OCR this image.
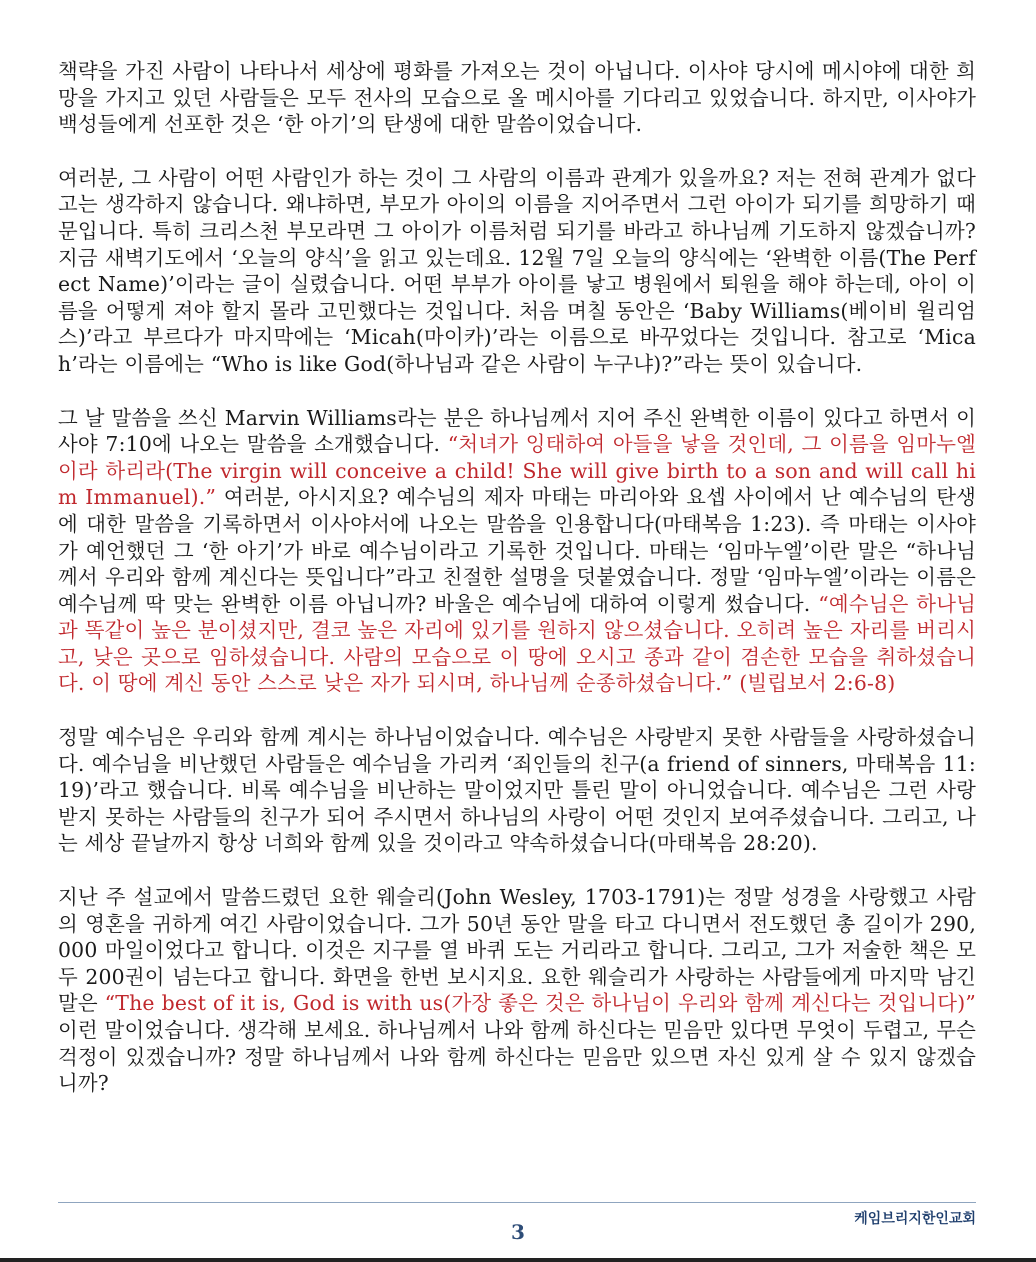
책략을 가진 사람이 나타나서 세상에 평화를 가져오는 것이 아닙니다. 이사야 당시에 메시야에 대한 희망을 가지고 있던 사람들은 모두 전사의 모습으로 올 메시아를 기다리고 있었습니다. 하지만, 이사야가 백성들에게 선포한 것은 ‘한 아기’의 탄생에 대한 말씀이었습니다.

여러분, 그 사람이 어떤 사람인가 하는 것이 그 사람의 이름과 관계가 있을까요? 저는 전혀 관계가 없다고는 생각하지 않습니다. 왜냐하면, 부모가 아이의 이름을 지어주면서 그런 아이가 되기를 희망하기 때문입니다. 특히 크리스천 부모라면 그 아이가 이름처럼 되기를 바라고 하나님께 기도하지 않겠습니까? 지금 새벽기도에서 ‘오늘의 양식’을 읽고 있는데요. 12월 7일 오늘의 양식에는 ‘완벽한 이름(The Perfect Name)’이라는 글이 실렸습니다. 어떤 부부가 아이를 낳고 병원에서 퇴원을 해야 하는데, 아이 이름을 어떻게 져야 할지 몰라 고민했다는 것입니다. 처음 며칠 동안은 ‘Baby Williams(베이비 윌리엄스)’라고 부르다가 마지막에는 ‘Micah(마이카)’라는 이름으로 바꾸었다는 것입니다. 참고로 ‘Micah’라는 이름에는 “Who is like God(하나님과 같은 사람이 누구냐)?”라는 뜻이 있습니다.

그 날 말씀을 쓰신 Marvin Williams라는 분은 하나님께서 지어 주신 완벽한 이름이 있다고 하면서 이사야 7:10에 나오는 말씀을 소개했습니다. “처녀가 잉태하여 아들을 낳을 것인데, 그 이름을 임마누엘이라 하리라(The virgin will conceive a child! She will give birth to a son and will call him Immanuel).” 여러분, 아시지요? 예수님의 제자 마태는 마리아와 요셉 사이에서 난 예수님의 탄생에 대한 말씀을 기록하면서 이사야서에 나오는 말씀을 인용합니다(마태복음 1:23). 즉 마태는 이사야가 예언했던 그 ‘한 아기’가 바로 예수님이라고 기록한 것입니다. 마태는 ‘임마누엘’이란 말은 “하나님께서 우리와 함께 계신다는 뜻입니다”라고 친절한 설명을 덧붙였습니다. 정말 ‘임마누엘’이라는 이름은 예수님께 딱 맞는 완벽한 이름 아닙니까? 바울은 예수님에 대하여 이렇게 썼습니다. “예수님은 하나님과 똑같이 높은 분이셨지만, 결코 높은 자리에 있기를 원하지 않으셨습니다. 오히려 높은 자리를 버리시고, 낮은 곳으로 임하셨습니다. 사람의 모습으로 이 땅에 오시고 종과 같이 겸손한 모습을 취하셨습니다. 이 땅에 계신 동안 스스로 낮은 자가 되시며, 하나님께 순종하셨습니다.” (빌립보서 2:6-8)

정말 예수님은 우리와 함께 계시는 하나님이었습니다. 예수님은 사랑받지 못한 사람들을 사랑하셨습니다. 예수님을 비난했던 사람들은 예수님을 가리켜 ‘죄인들의 친구(a friend of sinners, 마태복음 11:19)’라고 했습니다. 비록 예수님을 비난하는 말이었지만 틀린 말이 아니었습니다. 예수님은 그런 사랑받지 못하는 사람들의 친구가 되어 주시면서 하나님의 사랑이 어떤 것인지 보여주셨습니다. 그리고, 나는 세상 끝날까지 항상 너희와 함께 있을 것이라고 약속하셨습니다(마태복음 28:20).

지난 주 설교에서 말씀드렸던 요한 웨슬리(John Wesley, 1703-1791)는 정말 성경을 사랑했고 사람의 영혼을 귀하게 여긴 사람이었습니다. 그가 50년 동안 말을 타고 다니면서 전도했던 총 길이가 290,000 마일이었다고 합니다. 이것은 지구를 열 바퀴 도는 거리라고 합니다. 그리고, 그가 저술한 책은 모두 200권이 넘는다고 합니다. 화면을 한번 보시지요. 요한 웨슬리가 사랑하는 사람들에게 마지막 남긴 말은 “The best of it is, God is with us(가장 좋은 것은 하나님이 우리와 함께 계신다는 것입니다)” 이런 말이었습니다. 생각해 보세요. 하나님께서 나와 함께 하신다는 믿음만 있다면 무엇이 두렵고, 무슨 걱정이 있겠습니까? 정말 하나님께서 나와 함께 하신다는 믿음만 있으면 자신 있게 살 수 있지 않겠습니까?

3
케임브리지한인교회
